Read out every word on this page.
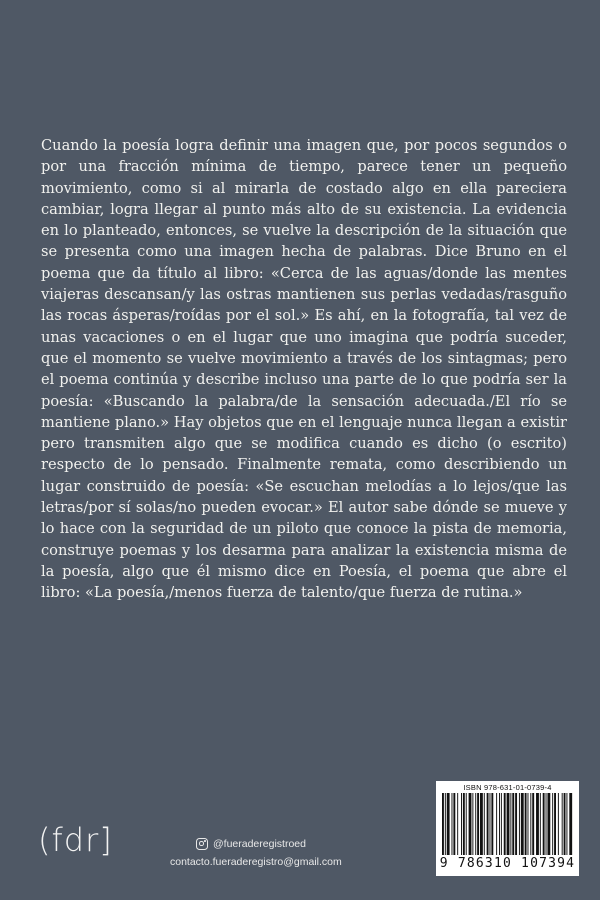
Cuando la poesía logra definir una imagen que, por pocos segundos o por una fracción mínima de tiempo, parece tener un pequeño movimiento, como si al mirarla de costado algo en ella pareciera cambiar, logra llegar al punto más alto de su existencia. La evidencia en lo planteado, entonces, se vuelve la descripción de la situación que se presenta como una imagen hecha de palabras. Dice Bruno en el poema que da título al libro: «Cerca de las aguas/donde las mentes viajeras descansan/y las ostras mantienen sus perlas vedadas/rasguño las rocas ásperas/roídas por el sol.» Es ahí, en la fotografía, tal vez de unas vacaciones o en el lugar que uno imagina que podría suceder, que el momento se vuelve movimiento a través de los sintagmas; pero el poema continúa y describe incluso una parte de lo que podría ser la poesía: «Buscando la palabra/de la sensación adecuada./El río se mantiene plano.» Hay objetos que en el lenguaje nunca llegan a existir pero transmiten algo que se modifica cuando es dicho (o escrito) respecto de lo pensado. Finalmente remata, como describiendo un lugar construido de poesía: «Se escuchan melodías a lo lejos/que las letras/por sí solas/no pueden evocar.» El autor sabe dónde se mueve y lo hace con la seguridad de un piloto que conoce la pista de memoria, construye poemas y los desarma para analizar la existencia misma de la poesía, algo que él mismo dice en Poesía, el poema que abre el libro: «La poesía,/menos fuerza de talento/que fuerza de rutina.»

(fdr]	@fueraderegistroed
contacto.fueraderegistro@gmail.com
ISBN 978-631-01-0739-4
9 786310 107394
